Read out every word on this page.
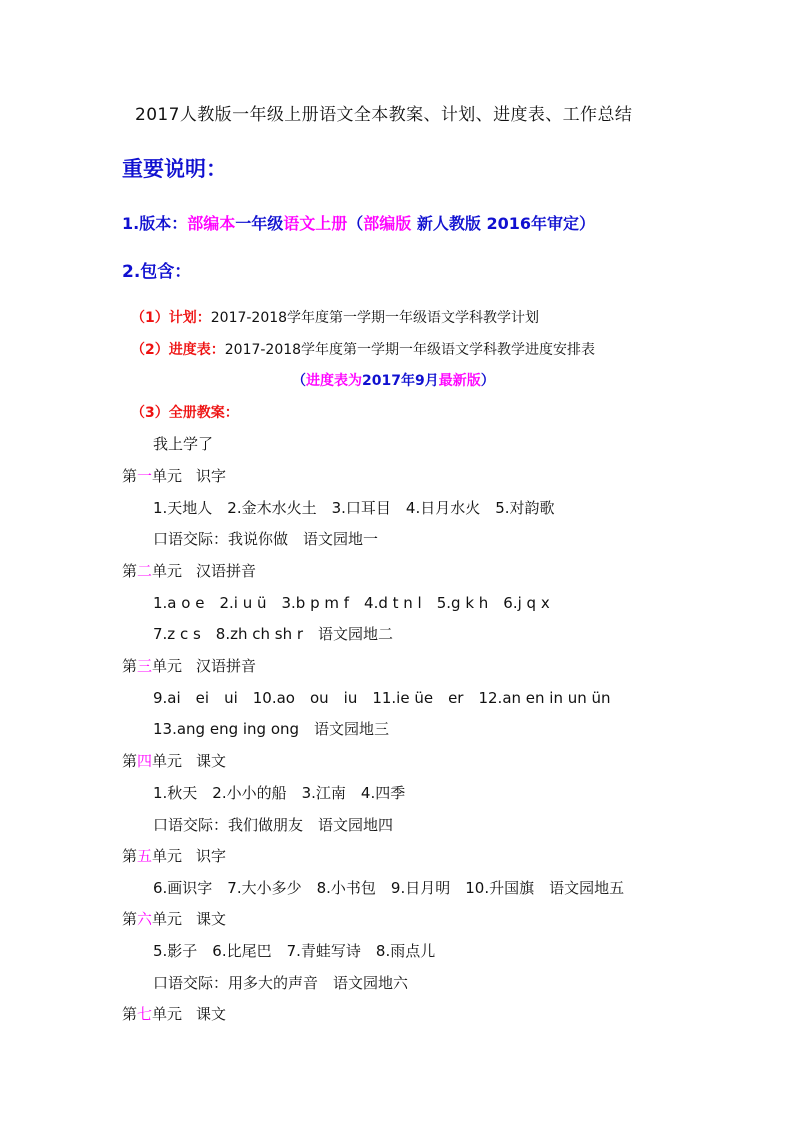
2017人教版一年级上册语文全本教案、计划、进度表、工作总结
重要说明：
1.版本：部编本一年级语文上册（部编版 新人教版 2016年审定）
2.包含：
（1）计划：2017-2018学年度第一学期一年级语文学科教学计划
（2）进度表：2017-2018学年度第一学期一年级语文学科教学进度安排表
（进度表为2017年9月最新版）
（3）全册教案：
我上学了
第一单元 识字
1.天地人　2.金木水火土　3.口耳目　4.日月水火　5.对韵歌
口语交际：我说你做　语文园地一
第二单元 汉语拼音
1.a o e　2.i u ü　3.b p m f　4.d t n l　5.g k h　6.j q x
7.z c s　8.zh ch sh r　语文园地二
第三单元 汉语拼音
9.ai　ei　ui　10.ao　ou　iu　11.ie üe　er　12.an en in un ün
13.ang eng ing ong　语文园地三
第四单元 课文
1.秋天　2.小小的船　3.江南　4.四季
口语交际：我们做朋友　语文园地四
第五单元 识字
6.画识字　7.大小多少　8.小书包　9.日月明　10.升国旗　语文园地五
第六单元 课文
5.影子　6.比尾巴　7.青蛙写诗　8.雨点儿
口语交际：用多大的声音　语文园地六
第七单元 课文
